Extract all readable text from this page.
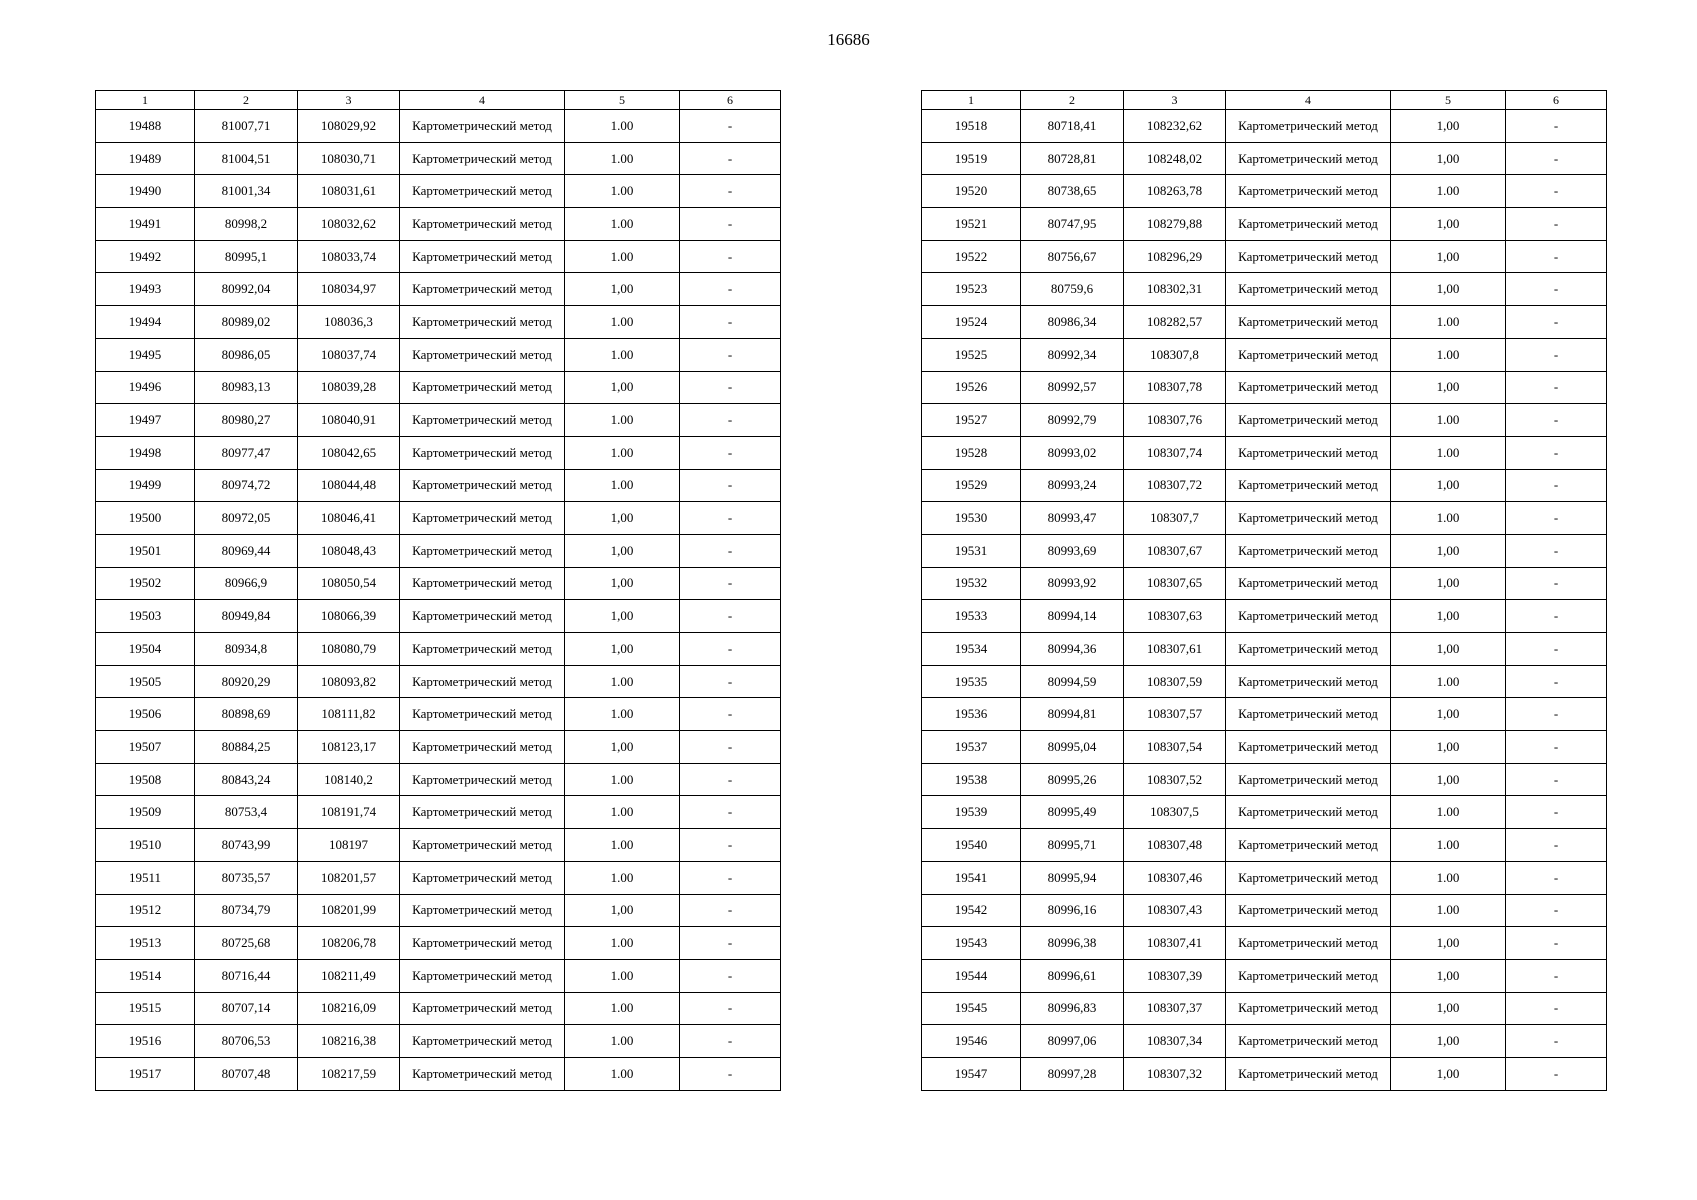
16686
1	2	3	4	5	6
19488	81007,71	108029,92	Картометрический метод	1.00	-
19489	81004,51	108030,71	Картометрический метод	1.00	-
19490	81001,34	108031,61	Картометрический метод	1.00	-
19491	80998,2	108032,62	Картометрический метод	1.00	-
19492	80995,1	108033,74	Картометрический метод	1.00	-
19493	80992,04	108034,97	Картометрический метод	1,00	-
19494	80989,02	108036,3	Картометрический метод	1.00	-
19495	80986,05	108037,74	Картометрический метод	1.00	-
19496	80983,13	108039,28	Картометрический метод	1,00	-
19497	80980,27	108040,91	Картометрический метод	1.00	-
19498	80977,47	108042,65	Картометрический метод	1.00	-
19499	80974,72	108044,48	Картометрический метод	1.00	-
19500	80972,05	108046,41	Картометрический метод	1,00	-
19501	80969,44	108048,43	Картометрический метод	1,00	-
19502	80966,9	108050,54	Картометрический метод	1,00	-
19503	80949,84	108066,39	Картометрический метод	1,00	-
19504	80934,8	108080,79	Картометрический метод	1,00	-
19505	80920,29	108093,82	Картометрический метод	1.00	-
19506	80898,69	108111,82	Картометрический метод	1.00	-
19507	80884,25	108123,17	Картометрический метод	1,00	-
19508	80843,24	108140,2	Картометрический метод	1.00	-
19509	80753,4	108191,74	Картометрический метод	1.00	-
19510	80743,99	108197	Картометрический метод	1.00	-
19511	80735,57	108201,57	Картометрический метод	1.00	-
19512	80734,79	108201,99	Картометрический метод	1,00	-
19513	80725,68	108206,78	Картометрический метод	1.00	-
19514	80716,44	108211,49	Картометрический метод	1.00	-
19515	80707,14	108216,09	Картометрический метод	1.00	-
19516	80706,53	108216,38	Картометрический метод	1.00	-
19517	80707,48	108217,59	Картометрический метод	1.00	-
1	2	3	4	5	6
19518	80718,41	108232,62	Картометрический метод	1,00	-
19519	80728,81	108248,02	Картометрический метод	1,00	-
19520	80738,65	108263,78	Картометрический метод	1.00	-
19521	80747,95	108279,88	Картометрический метод	1,00	-
19522	80756,67	108296,29	Картометрический метод	1,00	-
19523	80759,6	108302,31	Картометрический метод	1,00	-
19524	80986,34	108282,57	Картометрический метод	1.00	-
19525	80992,34	108307,8	Картометрический метод	1.00	-
19526	80992,57	108307,78	Картометрический метод	1,00	-
19527	80992,79	108307,76	Картометрический метод	1.00	-
19528	80993,02	108307,74	Картометрический метод	1.00	-
19529	80993,24	108307,72	Картометрический метод	1,00	-
19530	80993,47	108307,7	Картометрический метод	1.00	-
19531	80993,69	108307,67	Картометрический метод	1,00	-
19532	80993,92	108307,65	Картометрический метод	1,00	-
19533	80994,14	108307,63	Картометрический метод	1,00	-
19534	80994,36	108307,61	Картометрический метод	1,00	-
19535	80994,59	108307,59	Картометрический метод	1.00	-
19536	80994,81	108307,57	Картометрический метод	1,00	-
19537	80995,04	108307,54	Картометрический метод	1,00	-
19538	80995,26	108307,52	Картометрический метод	1,00	-
19539	80995,49	108307,5	Картометрический метод	1.00	-
19540	80995,71	108307,48	Картометрический метод	1.00	-
19541	80995,94	108307,46	Картометрический метод	1.00	-
19542	80996,16	108307,43	Картометрический метод	1.00	-
19543	80996,38	108307,41	Картометрический метод	1,00	-
19544	80996,61	108307,39	Картометрический метод	1,00	-
19545	80996,83	108307,37	Картометрический метод	1,00	-
19546	80997,06	108307,34	Картометрический метод	1,00	-
19547	80997,28	108307,32	Картометрический метод	1,00	-
